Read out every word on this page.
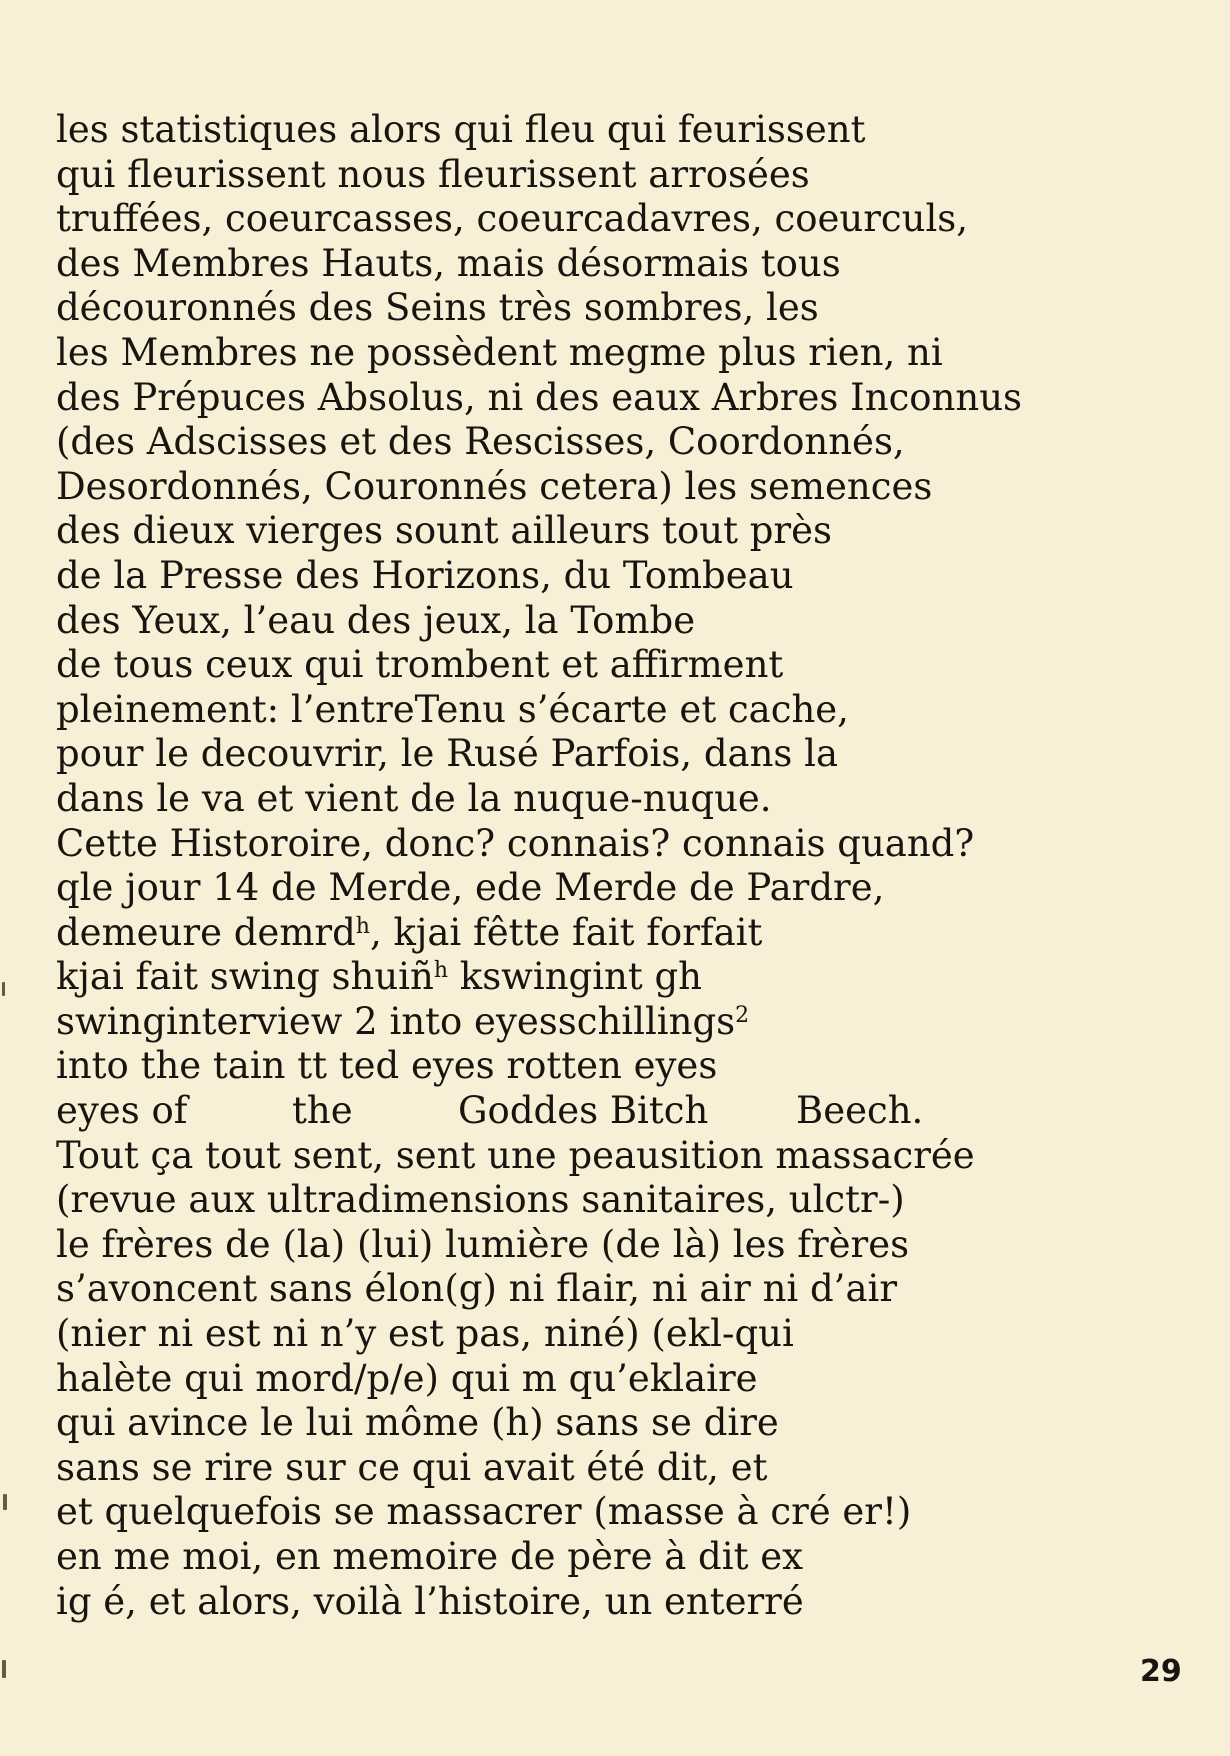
les statistiques alors qui fleu qui feurissent
qui fleurissent nous fleurissent arrosées
truffées, coeurcasses, coeurcadavres, coeurculs,
des Membres Hauts, mais désormais tous
découronnés des Seins très sombres, les
les Membres ne possèdent megme plus rien, ni
des Prépuces Absolus, ni des eaux Arbres Inconnus
(des Adscisses et des Rescisses, Coordonnés,
Desordonnés, Couronnés cetera) les semences
des dieux vierges sount ailleurs tout près
de la Presse des Horizons, du Tombeau
des Yeux, l’eau des jeux, la Tombe
de tous ceux qui trombent et affirment
pleinement: l’entreTenu s’écarte et cache,
pour le decouvrir, le Rusé Parfois, dans la
dans le va et vient de la nuque-nuque.
Cette Historoire, donc? connais? connais quand?
qle jour 14 de Merde, ede Merde de Pardre,
demeure demrd$^h$, kjai fêtte fait forfait
kjai fait swing shuiñ$^h$ kswingint gh
swinginterview 2 into eyesschillings$^2$
into the tain tt ted eyes rotten eyes
eyes of	the	Goddes Bitch Beech.
Tout ça tout sent, sent une peausition massacrée
(revue aux ultradimensions sanitaires, ulctr-)
le frères de (la) (lui) lumière (de là) les frères
s’avoncent sans élon(g) ni flair, ni air ni d’air
(nier ni est ni n’y est pas, niné) (ekl-qui
halète qui mord/p/e) qui m qu’eklaire
qui avince le lui môme (h) sans se dire
sans se rire sur ce qui avait été dit, et
et quelquefois se massacrer (masse à cré er!)
en me moi, en memoire de père à dit ex
ig é, et alors, voilà l’histoire, un enterré
29
